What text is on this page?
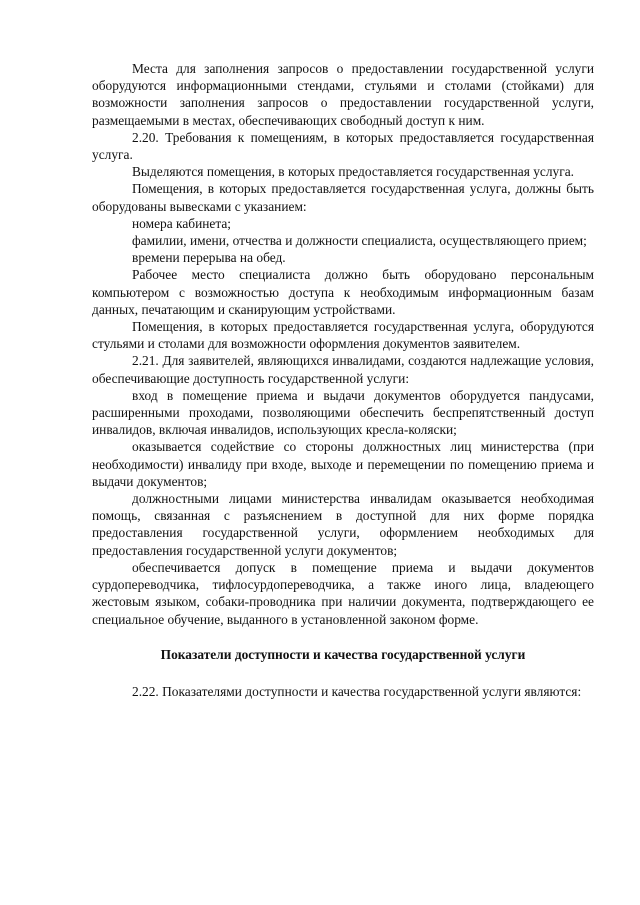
Места для заполнения запросов о предоставлении государственной услуги оборудуются информационными стендами, стульями и столами (стойками) для возможности заполнения запросов о предоставлении государственной услуги, размещаемыми в местах, обеспечивающих свободный доступ к ним.

2.20. Требования к помещениям, в которых предоставляется государственная услуга.

Выделяются помещения, в которых предоставляется государственная услуга.

Помещения, в которых предоставляется государственная услуга, должны быть оборудованы вывесками с указанием:

номера кабинета;

фамилии, имени, отчества и должности специалиста, осуществляющего прием;

времени перерыва на обед.

Рабочее место специалиста должно быть оборудовано персональным компьютером с возможностью доступа к необходимым информационным базам данных, печатающим и сканирующим устройствами.

Помещения, в которых предоставляется государственная услуга, оборудуются стульями и столами для возможности оформления документов заявителем.

2.21. Для заявителей, являющихся инвалидами, создаются надлежащие условия, обеспечивающие доступность государственной услуги:

вход в помещение приема и выдачи документов оборудуется пандусами, расширенными проходами, позволяющими обеспечить беспрепятственный доступ инвалидов, включая инвалидов, использующих кресла-коляски;

оказывается содействие со стороны должностных лиц министерства (при необходимости) инвалиду при входе, выходе и перемещении по помещению приема и выдачи документов;

должностными лицами министерства инвалидам оказывается необходимая помощь, связанная с разъяснением в доступной для них форме порядка предоставления государственной услуги, оформлением необходимых для предоставления государственной услуги документов;

обеспечивается допуск в помещение приема и выдачи документов сурдопереводчика, тифлосурдопереводчика, а также иного лица, владеющего жестовым языком, собаки-проводника при наличии документа, подтверждающего ее специальное обучение, выданного в установленной законом форме.

Показатели доступности и качества государственной услуги

2.22. Показателями доступности и качества государственной услуги являются:
